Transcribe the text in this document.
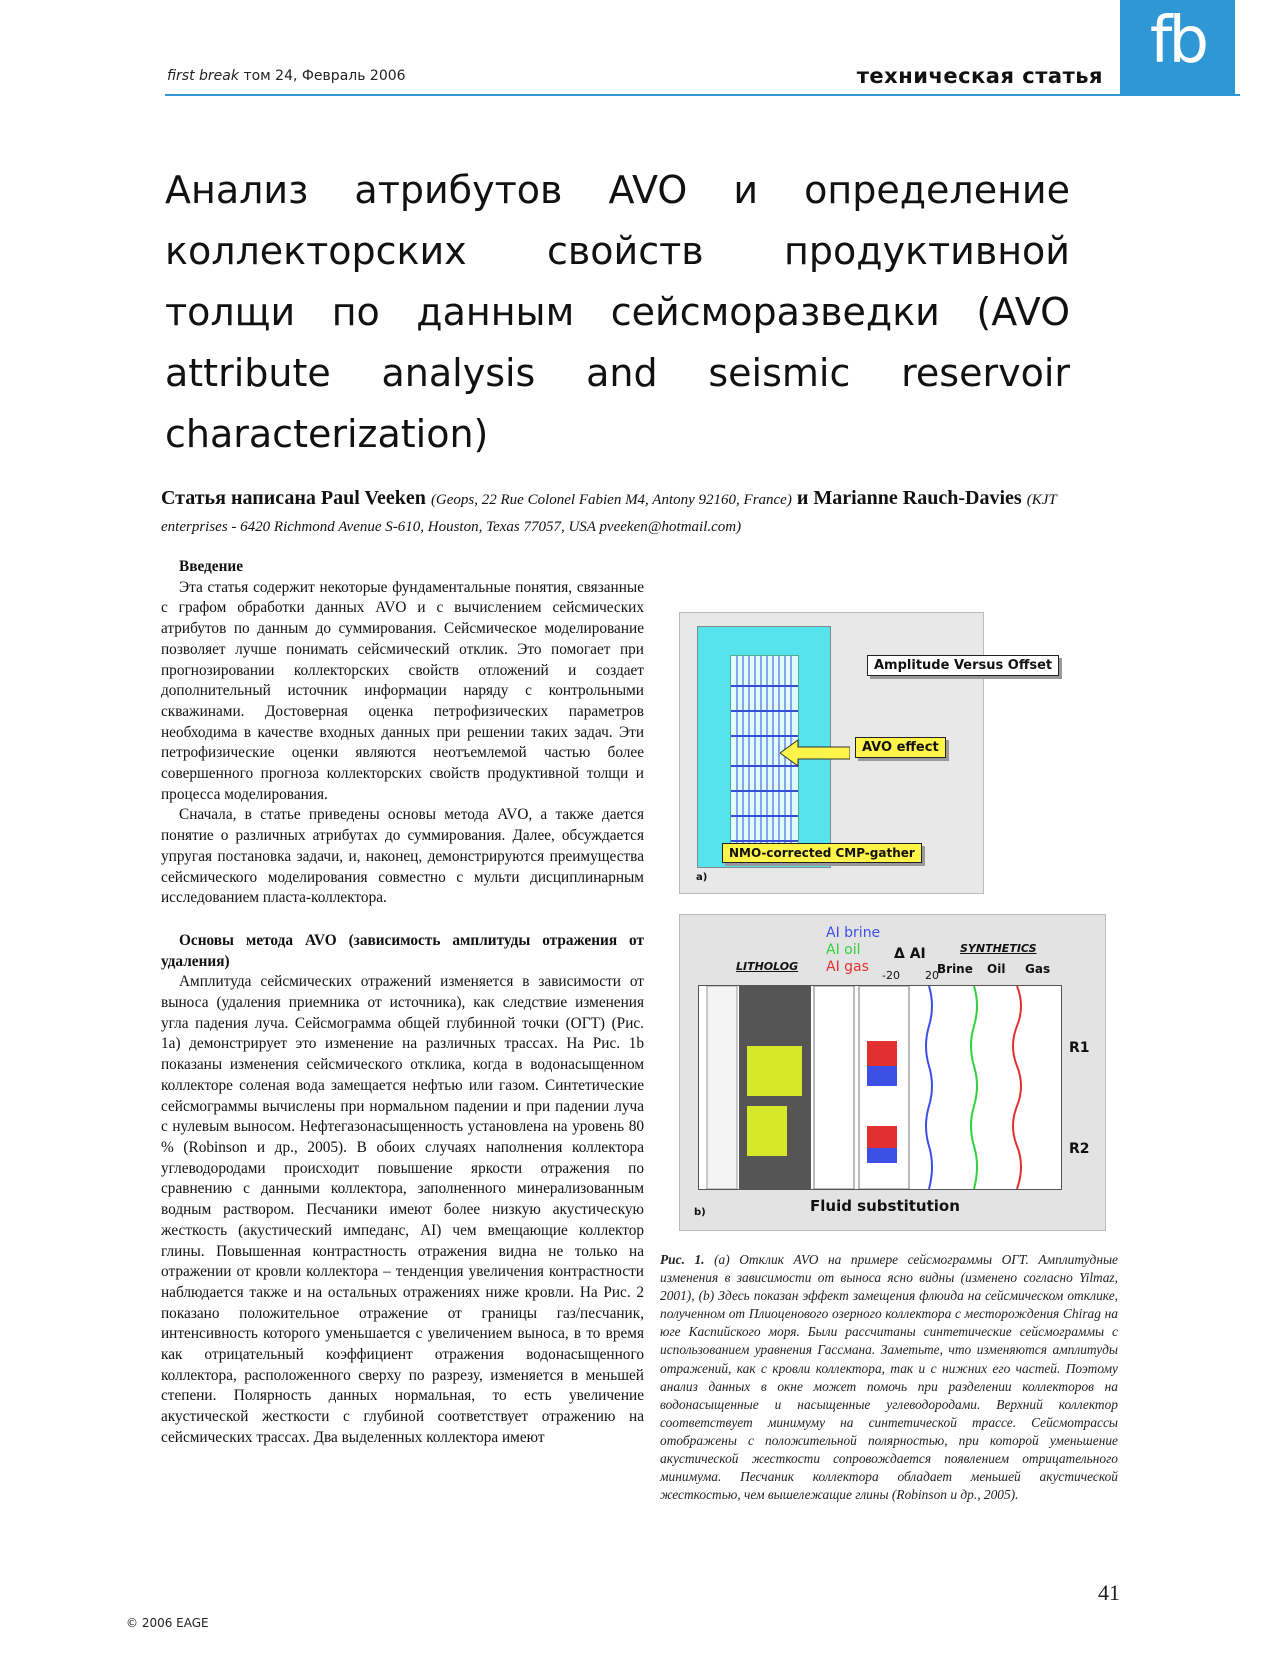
first break том 24, Февраль 2006	техническая статья fb
Анализ атрибутов AVO и определение коллекторских свойств продуктивной толщи по данным сейсморазведки (AVO attribute analysis and seismic reservoir characterization)
Статья написана Paul Veeken (Geops, 22 Rue Colonel Fabien M4, Antony 92160, France) и Marianne Rauch-Davies (KJT enterprises - 6420 Richmond Avenue S-610, Houston, Texas 77057, USA pveeken@hotmail.com)
Введение

Эта статья содержит некоторые фундаментальные понятия, связанные с графом обработки данных AVO и с вычислением сейсмических атрибутов по данным до суммирования. Сейсмическое моделирование позволяет лучше понимать сейсмический отклик. Это помогает при прогнозировании коллекторских свойств отложений и создает дополнительный источник информации наряду с контрольными скважинами. Достоверная оценка петрофизических параметров необходима в качестве входных данных при решении таких задач. Эти петрофизические оценки являются неотъемлемой частью более совершенного прогноза коллекторских свойств продуктивной толщи и процесса моделирования.

Сначала, в статье приведены основы метода AVO, а также дается понятие о различных атрибутах до суммирования. Далее, обсуждается упругая постановка задачи, и, наконец, демонстрируются преимущества сейсмического моделирования совместно с мульти дисциплинарным исследованием пласта-коллектора.

Основы метода AVO (зависимость амплитуды отражения от удаления)

Амплитуда сейсмических отражений изменяется в зависимости от выноса (удаления приемника от источника), как следствие изменения угла падения луча. Сейсмограмма общей глубинной точки (ОГТ) (Рис. 1a) демонстрирует это изменение на различных трассах. На Рис. 1b показаны изменения сейсмического отклика, когда в водонасыщенном коллекторе соленая вода замещается нефтью или газом. Синтетические сейсмограммы вычислены при нормальном падении и при падении луча с нулевым выносом. Нефтегазонасыщенность установлена на уровень 80 % (Robinson и др., 2005). В обоих случаях наполнения коллектора углеводородами происходит повышение яркости отражения по сравнению с данными коллектора, заполненного минерализованным водным раствором. Песчаники имеют более низкую акустическую жесткость (акустический импеданс, AI) чем вмещающие коллектор глины. Повышенная контрастность отражения видна не только на отражении от кровли коллектора – тенденция увеличения контрастности наблюдается также и на остальных отражениях ниже кровли. На Рис. 2 показано положительное отражение от границы газ/песчаник, интенсивность которого уменьшается с увеличением выноса, в то время как отрицательный коэффициент отражения водонасыщенного коллектора, расположенного сверху по разрезу, изменяется в меньшей степени. Полярность данных нормальная, то есть увеличение акустической жесткости с глубиной соответствует отражению на сейсмических трассах. Два выделенных коллектора имеют

Amplitude Versus Offset
AVO effect
NMO-corrected CMP-gather
a)
AI brine
AI oil
AI gas
Δ AI
-20 20
LITHOLOG
SYNTHETICS
Brine Oil Gas
R1
R2
Fluid substitution
b)
Рис. 1. (a) Отклик AVO на примере сейсмограммы ОГТ. Амплитудные изменения в зависимости от выноса ясно видны (изменено согласно Yilmaz, 2001), (b) Здесь показан эффект замещения флюида на сейсмическом отклике, полученном от Плиоценового озерного коллектора с месторождения Chirag на юге Каспийского моря. Были рассчитаны синтетические сейсмограммы с использованием уравнения Гассмана. Заметьте, что изменяются амплитуды отражений, как с кровли коллектора, так и с нижних его частей. Поэтому анализ данных в окне может помочь при разделении коллекторов на водонасыщенные и насыщенные углеводородами. Верхний коллектор соответствует минимуму на синтетической трассе. Сейсмотрассы отображены с положительной полярностью, при которой уменьшение акустической жесткости сопровождается появлением отрицательного минимума. Песчаник коллектора обладает меньшей акустической жесткостью, чем вышележащие глины (Robinson и др., 2005).
41
© 2006 EAGE
